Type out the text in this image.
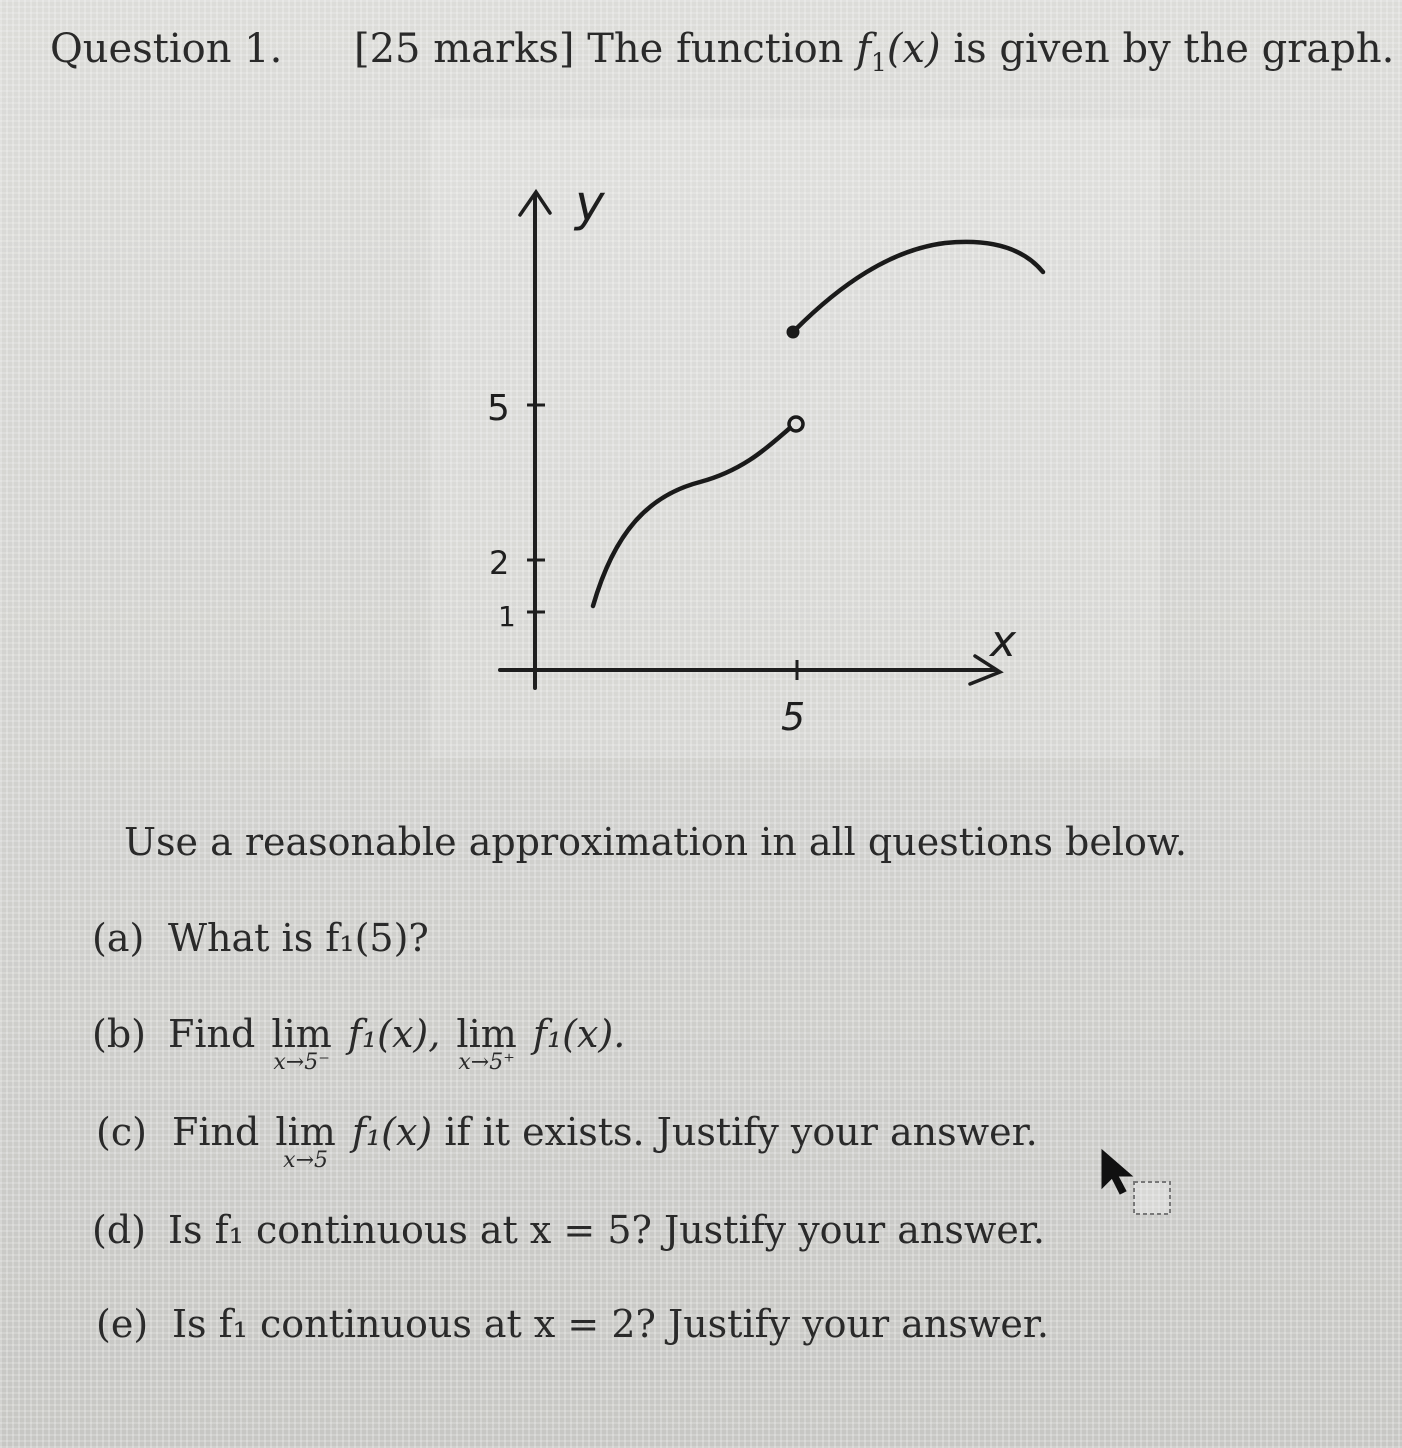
Question 1. [25 marks] The function $f_1(x)$ is given by the graph.
y
x
5
2
1
5
Use a reasonable approximation in all questions below.
(a) What is f₁(5)?
(b) Find lim
x→5⁻
f₁(x), lim
x→5⁺
f₁(x).
(c) Find lim
x→5
f₁(x) if it exists. Justify your answer.
(d) Is f₁ continuous at x = 5? Justify your answer.
(e) Is f₁ continuous at x = 2? Justify your answer.
